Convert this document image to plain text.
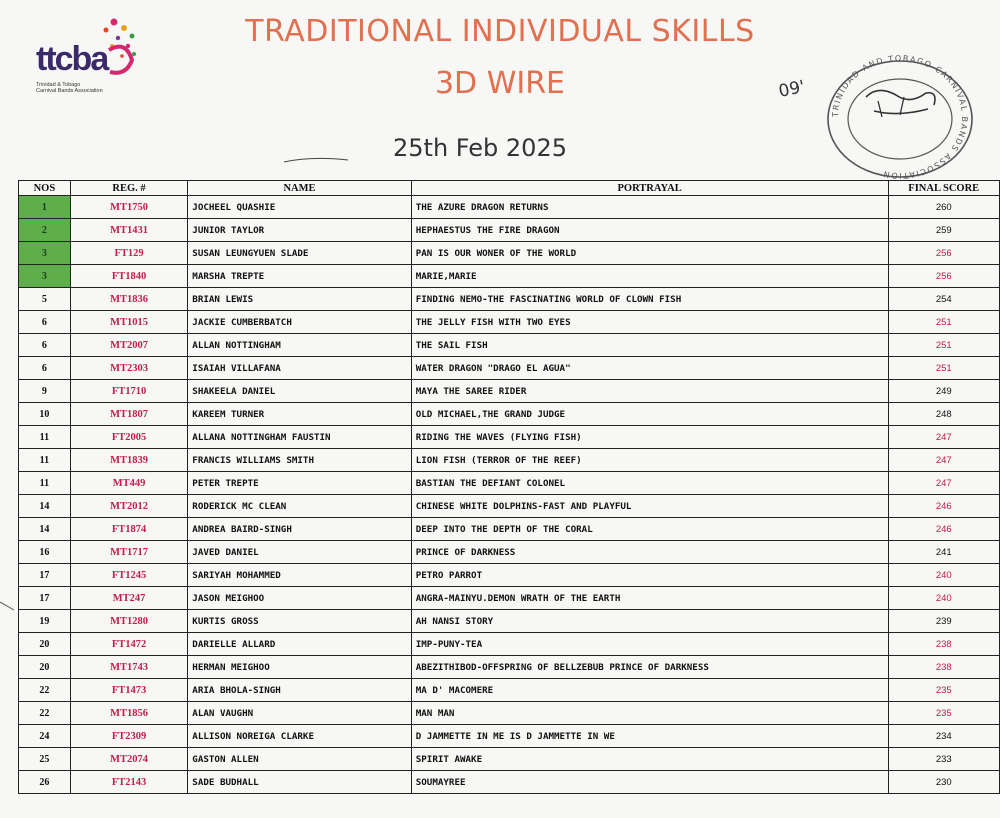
ttcba
Trinidad & Tobago
Carnival Bands Association
TRADITIONAL INDIVIDUAL SKILLS
3D WIRE
25th Feb 2025
TRINIDAD AND TOBAGO CARNIVAL BANDS ASSOCIATION
09'
NOS	REG. #	NAME	PORTRAYAL	FINAL SCORE
1	MT1750	JOCHEEL QUASHIE	THE AZURE DRAGON RETURNS	260
2	MT1431	JUNIOR TAYLOR	HEPHAESTUS THE FIRE DRAGON	259
3	FT129	SUSAN LEUNGYUEN SLADE	PAN IS OUR WONER OF THE WORLD	256
3	FT1840	MARSHA TREPTE	MARIE,MARIE	256
5	MT1836	BRIAN LEWIS	FINDING NEMO-THE FASCINATING WORLD OF CLOWN FISH	254
6	MT1015	JACKIE CUMBERBATCH	THE JELLY FISH WITH TWO EYES	251
6	MT2007	ALLAN NOTTINGHAM	THE SAIL FISH	251
6	MT2303	ISAIAH VILLAFANA	WATER DRAGON "DRAGO EL AGUA"	251
9	FT1710	SHAKEELA DANIEL	MAYA THE SAREE RIDER	249
10	MT1807	KAREEM TURNER	OLD MICHAEL,THE GRAND JUDGE	248
11	FT2005	ALLANA NOTTINGHAM FAUSTIN	RIDING THE WAVES (FLYING FISH)	247
11	MT1839	FRANCIS WILLIAMS SMITH	LION FISH (TERROR OF THE REEF)	247
11	MT449	PETER TREPTE	BASTIAN THE DEFIANT COLONEL	247
14	MT2012	RODERICK MC CLEAN	CHINESE WHITE DOLPHINS-FAST AND PLAYFUL	246
14	FT1874	ANDREA BAIRD-SINGH	DEEP INTO THE DEPTH OF THE CORAL	246
16	MT1717	JAVED DANIEL	PRINCE OF DARKNESS	241
17	FT1245	SARIYAH MOHAMMED	PETRO PARROT	240
17	MT247	JASON MEIGHOO	ANGRA-MAINYU.DEMON WRATH OF THE EARTH	240
19	MT1280	KURTIS GROSS	AH NANSI STORY	239
20	FT1472	DARIELLE ALLARD	IMP-PUNY-TEA	238
20	MT1743	HERMAN MEIGHOO	ABEZITHIBOD-OFFSPRING OF BELLZEBUB PRINCE OF DARKNESS	238
22	FT1473	ARIA BHOLA-SINGH	MA D' MACOMERE	235
22	MT1856	ALAN VAUGHN	MAN MAN	235
24	FT2309	ALLISON NOREIGA CLARKE	D JAMMETTE IN ME IS D JAMMETTE IN WE	234
25	MT2074	GASTON ALLEN	SPIRIT AWAKE	233
26	FT2143	SADE BUDHALL	SOUMAYREE	230
